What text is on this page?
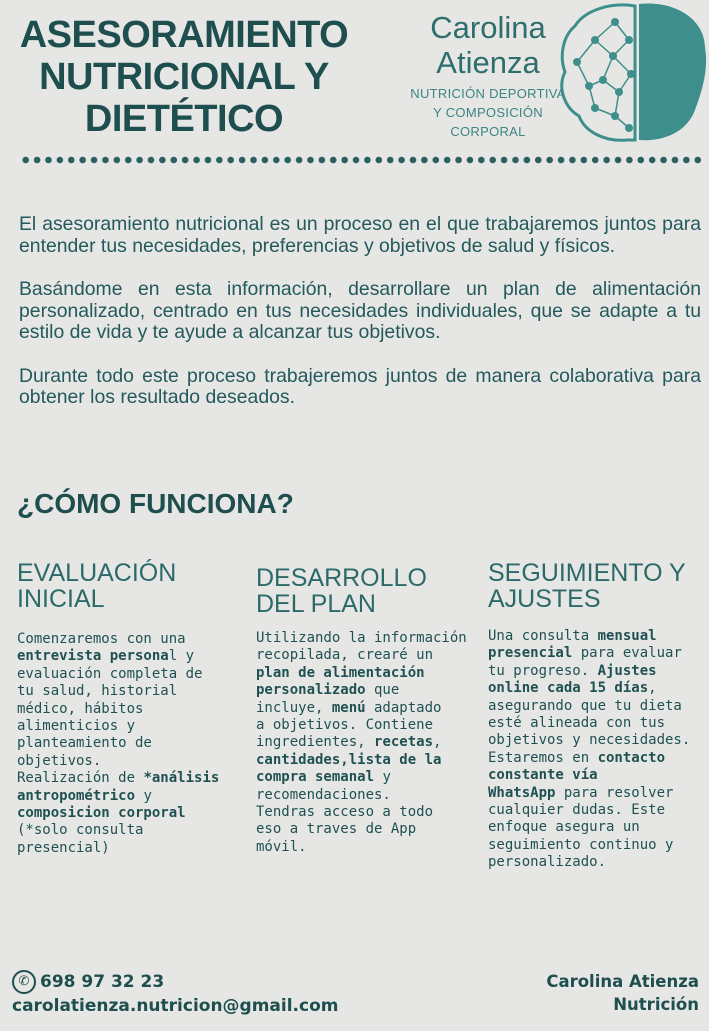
ASESORAMIENTO NUTRICIONAL Y DIETÉTICO
Carolina
Atienza
NUTRICIÓN DEPORTIVA
Y COMPOSICIÓN
CORPORAL

El asesoramiento nutricional es un proceso en el que trabajaremos juntos para entender tus necesidades, preferencias y objetivos de salud y físicos.

Basándome en esta información, desarrollare un plan de alimentación personalizado, centrado en tus necesidades individuales, que se adapte a tu estilo de vida y te ayude a alcanzar tus objetivos.

Durante todo este proceso trabajeremos juntos de manera colaborativa para obtener los resultado deseados.

¿CÓMO FUNCIONA?
EVALUACIÓN
INICIAL
Comenzaremos con una
entrevista personal y
evaluación completa de
tu salud, historial
médico, hábitos
alimenticios y
planteamiento de
objetivos.
Realización de *análisis
antropométrico y
composicion corporal
(*solo consulta
presencial)
DESARROLLO
DEL PLAN
Utilizando la información
recopilada, crearé un
plan de alimentación
personalizado que
incluye, menú adaptado
a objetivos. Contiene
ingredientes, recetas,
cantidades,lista de la
compra semanal y
recomendaciones.
Tendras acceso a todo
eso a traves de App
móvil.
SEGUIMIENTO Y
AJUSTES
Una consulta mensual
presencial para evaluar
tu progreso. Ajustes
online cada 15 días,
asegurando que tu dieta
esté alineada con tus
objetivos y necesidades.
Estaremos en contacto
constante vía
WhatsApp para resolver
cualquier dudas. Este
enfoque asegura un
seguimiento continuo y
personalizado.
✆ 698 97 32 23
carolatienza.nutricion@gmail.com
Carolina Atienza
Nutrición
